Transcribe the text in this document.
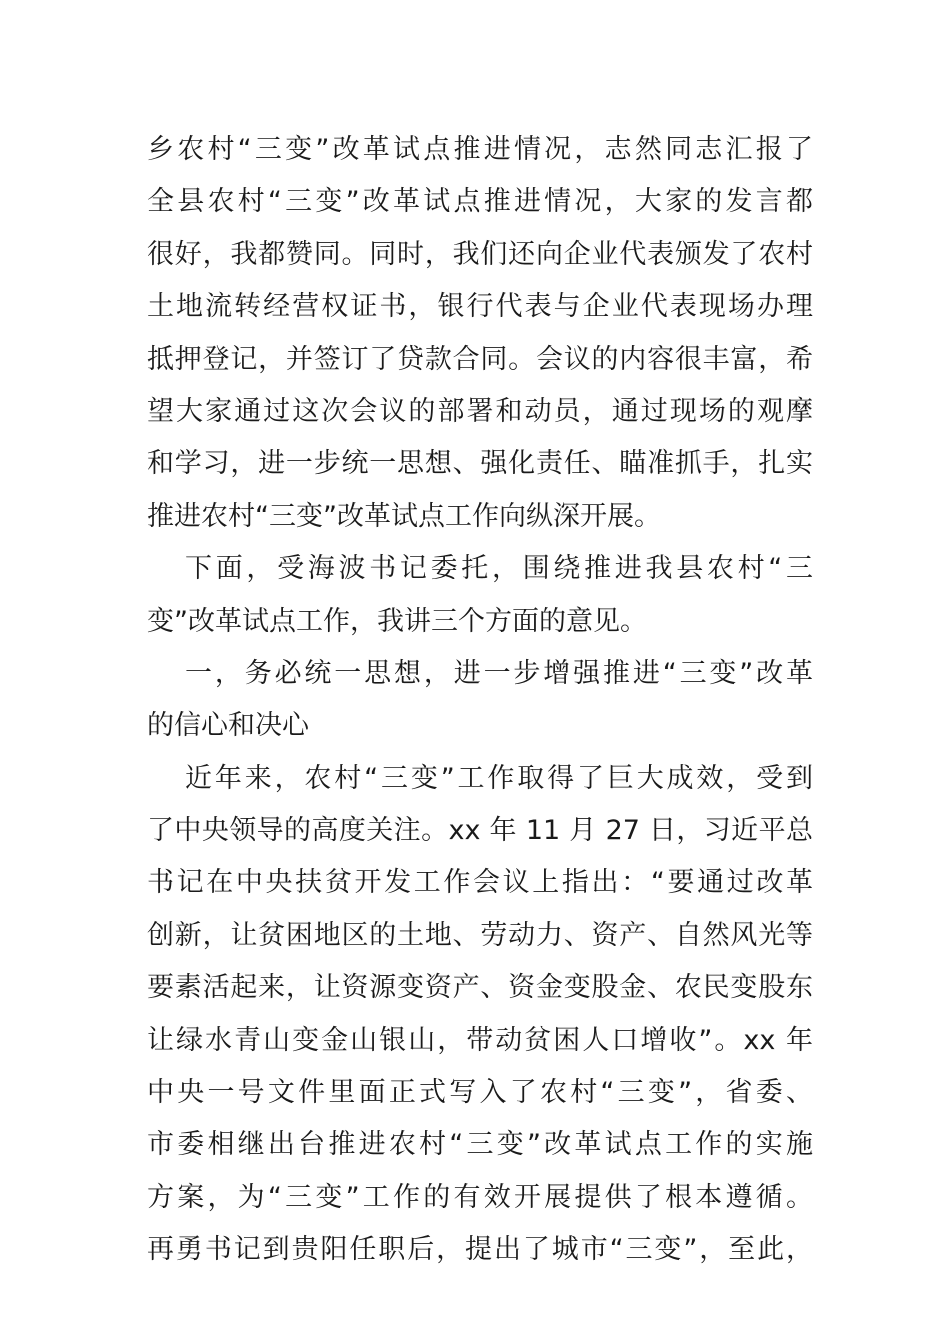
乡农村“三变”改革试点推进情况，志然同志汇报了
全县农村“三变”改革试点推进情况，大家的发言都
很好，我都赞同。同时，我们还向企业代表颁发了农村
土地流转经营权证书，银行代表与企业代表现场办理
抵押登记，并签订了贷款合同。会议的内容很丰富，希
望大家通过这次会议的部署和动员，通过现场的观摩
和学习，进一步统一思想、强化责任、瞄准抓手，扎实
推进农村“三变”改革试点工作向纵深开展。
下面，受海波书记委托，围绕推进我县农村“三
变”改革试点工作，我讲三个方面的意见。
一，务必统一思想，进一步增强推进“三变”改革
的信心和决心
近年来，农村“三变”工作取得了巨大成效，受到
了中央领导的高度关注。xx 年 11 月 27 日，习近平总
书记在中央扶贫开发工作会议上指出：“要通过改革
创新，让贫困地区的土地、劳动力、资产、自然风光等
要素活起来，让资源变资产、资金变股金、农民变股东
让绿水青山变金山银山，带动贫困人口增收”。xx 年
中央一号文件里面正式写入了农村“三变”，省委、
市委相继出台推进农村“三变”改革试点工作的实施
方案，为“三变”工作的有效开展提供了根本遵循。
再勇书记到贵阳任职后，提出了城市“三变”，至此，
